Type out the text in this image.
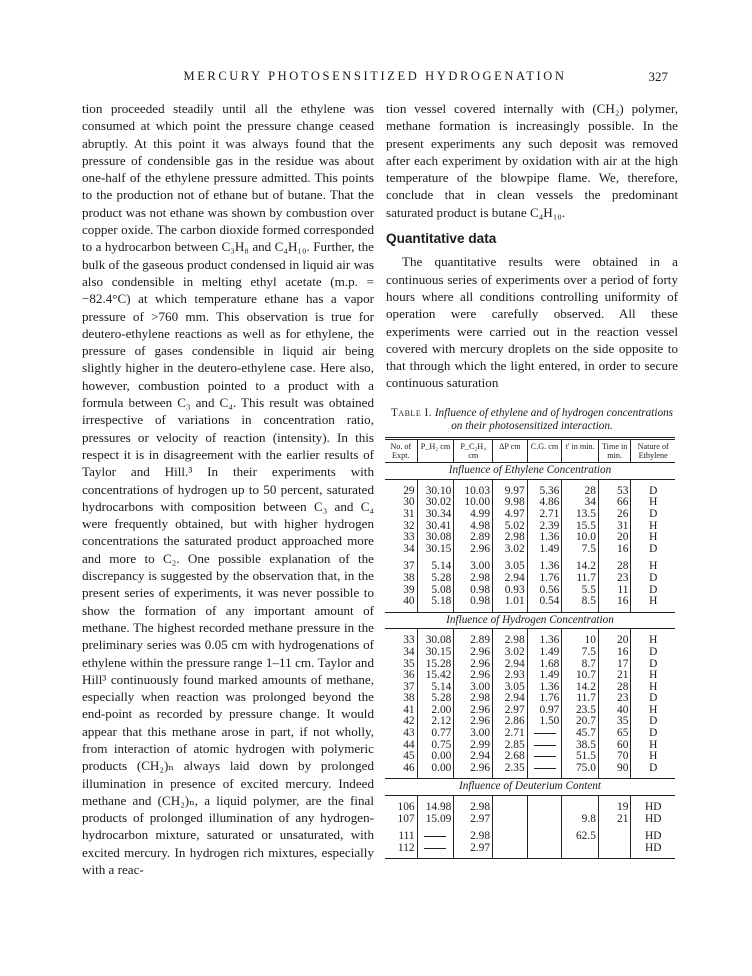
MERCURY PHOTOSENSITIZED HYDROGENATION	327

tion proceeded steadily until all the ethylene was consumed at which point the pressure change ceased abruptly. At this point it was always found that the pressure of condensible gas in the residue was about one-half of the ethylene pressure admitted. This points to the production not of ethane but of butane. That the product was not ethane was shown by combustion over copper oxide. The carbon dioxide formed corresponded to a hydrocarbon between C₃H₈ and C₄H₁₀. Further, the bulk of the gaseous product condensed in liquid air was also condensible in melting ethyl acetate (m.p. = −82.4°C) at which temperature ethane has a vapor pressure of >760 mm. This observation is true for deutero-ethylene reactions as well as for ethylene, the pressure of gases condensible in liquid air being slightly higher in the deutero-ethylene case. Here also, however, combustion pointed to a product with a formula between C₃ and C₄. This result was obtained irrespective of variations in concentration ratio, pressures or velocity of reaction (intensity). In this respect it is in disagreement with the earlier results of Taylor and Hill.³ In their experiments with concentrations of hydrogen up to 50 percent, saturated hydrocarbons with composition between C₃ and C₄ were frequently obtained, but with higher hydrogen concentrations the saturated product approached more and more to C₂. One possible explanation of the discrepancy is suggested by the observation that, in the present series of experiments, it was never possible to show the formation of any important amount of methane. The highest recorded methane pressure in the preliminary series was 0.05 cm with hydrogenations of ethylene within the pressure range 1–11 cm. Taylor and Hill³ continuously found marked amounts of methane, especially when reaction was prolonged beyond the end-point as recorded by pressure change. It would appear that this methane arose in part, if not wholly, from interaction of atomic hydrogen with polymeric products (CH₂)ₙ always laid down by prolonged illumination in presence of excited mercury. Indeed methane and (CH₂)ₙ, a liquid polymer, are the final products of prolonged illumination of any hydrogen-hydrocarbon mixture, saturated or unsaturated, with excited mercury. In hydrogen rich mixtures, especially with a reac-

tion vessel covered internally with (CH₂) polymer, methane formation is increasingly possible. In the present experiments any such deposit was removed after each experiment by oxidation with air at the high temperature of the blowpipe flame. We, therefore, conclude that in clean vessels the predominant saturated product is butane C₄H₁₀.

Quantitative data

The quantitative results were obtained in a continuous series of experiments over a period of forty hours where all conditions controlling uniformity of operation were carefully observed. All these experiments were carried out in the reaction vessel covered with mercury droplets on the side opposite to that through which the light entered, in order to secure continuous saturation

Table I. Influence of ethylene and of hydrogen concentrations on their photosensitized interaction.

No. of Expt.	P_H₂ cm	P_C₂H₄ cm	ΔP cm	C.G. cm	t' in min.	Time in min.	Nature of Ethylene
Influence of Ethylene Concentration							

29	30.10	10.03	9.97	5.36	28	53	D
30	30.02	10.00	9.98	4.86	34	66	H
31	30.34	4.99	4.97	2.71	13.5	26	D
32	30.41	4.98	5.02	2.39	15.5	31	H
33	30.08	2.89	2.98	1.36	10.0	20	H
34	30.15	2.96	3.02	1.49	7.5	16	D

37	5.14	3.00	3.05	1.36	14.2	28	H
38	5.28	2.98	2.94	1.76	11.7	23	D
39	5.08	0.98	0.93	0.56	5.5	11	D
40	5.18	0.98	1.01	0.54	8.5	16	H

Influence of Hydrogen Concentration							

33	30.08	2.89	2.98	1.36	10	20	H
34	30.15	2.96	3.02	1.49	7.5	16	D
35	15.28	2.96	2.94	1.68	8.7	17	D
36	15.42	2.96	2.93	1.49	10.7	21	H
37	5.14	3.00	3.05	1.36	14.2	28	H
38	5.28	2.98	2.94	1.76	11.7	23	D
41	2.00	2.96	2.97	0.97	23.5	40	H
42	2.12	2.96	2.86	1.50	20.7	35	D
43	0.77	3.00	2.71		45.7	65	D
44	0.75	2.99	2.85		38.5	60	H
45	0.00	2.94	2.68		51.5	70	H
46	0.00	2.96	2.35		75.0	90	D

Influence of Deuterium Content							

106	14.98	2.98				19	HD
107	15.09	2.97			9.8	21	HD

111		2.98			62.5		HD
112		2.97					HD
